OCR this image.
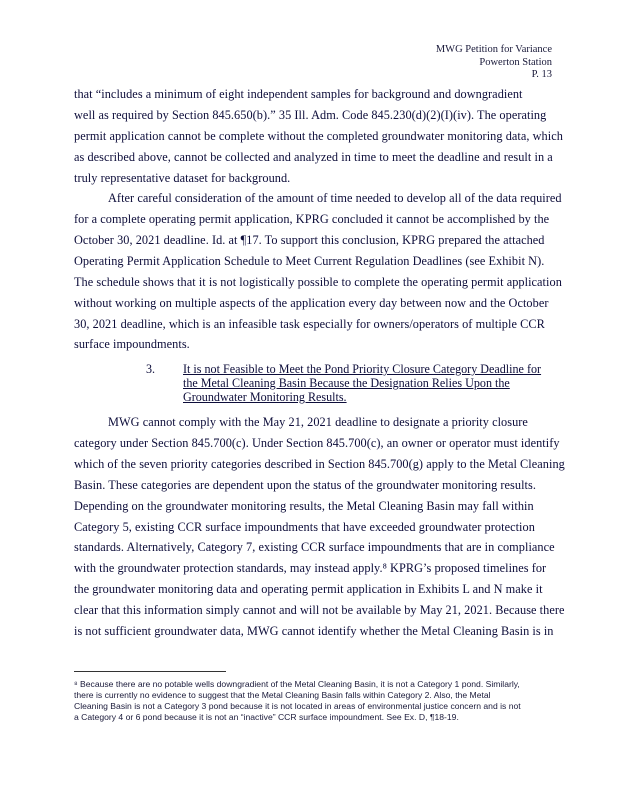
MWG Petition for Variance
Powerton Station
P. 13
that “includes a minimum of eight independent samples for background and downgradient
well as required by Section 845.650(b).” 35 Ill. Adm. Code 845.230(d)(2)(I)(iv). The operating
permit application cannot be complete without the completed groundwater monitoring data, which
as described above, cannot be collected and analyzed in time to meet the deadline and result in a
truly representative dataset for background.
After careful consideration of the amount of time needed to develop all of the data required
for a complete operating permit application, KPRG concluded it cannot be accomplished by the
October 30, 2021 deadline. Id. at ¶17. To support this conclusion, KPRG prepared the attached
Operating Permit Application Schedule to Meet Current Regulation Deadlines (see Exhibit N).
The schedule shows that it is not logistically possible to complete the operating permit application
without working on multiple aspects of the application every day between now and the October
30, 2021 deadline, which is an infeasible task especially for owners/operators of multiple CCR
surface impoundments.
3. It is not Feasible to Meet the Pond Priority Closure Category Deadline for
the Metal Cleaning Basin Because the Designation Relies Upon the
Groundwater Monitoring Results.
MWG cannot comply with the May 21, 2021 deadline to designate a priority closure
category under Section 845.700(c). Under Section 845.700(c), an owner or operator must identify
which of the seven priority categories described in Section 845.700(g) apply to the Metal Cleaning
Basin. These categories are dependent upon the status of the groundwater monitoring results.
Depending on the groundwater monitoring results, the Metal Cleaning Basin may fall within
Category 5, existing CCR surface impoundments that have exceeded groundwater protection
standards. Alternatively, Category 7, existing CCR surface impoundments that are in compliance
with the groundwater protection standards, may instead apply.⁸ KPRG’s proposed timelines for
the groundwater monitoring data and operating permit application in Exhibits L and N make it
clear that this information simply cannot and will not be available by May 21, 2021. Because there
is not sufficient groundwater data, MWG cannot identify whether the Metal Cleaning Basin is in
⁸ Because there are no potable wells downgradient of the Metal Cleaning Basin, it is not a Category 1 pond. Similarly,
there is currently no evidence to suggest that the Metal Cleaning Basin falls within Category 2. Also, the Metal
Cleaning Basin is not a Category 3 pond because it is not located in areas of environmental justice concern and is not
a Category 4 or 6 pond because it is not an “inactive” CCR surface impoundment. See Ex. D, ¶18-19.
